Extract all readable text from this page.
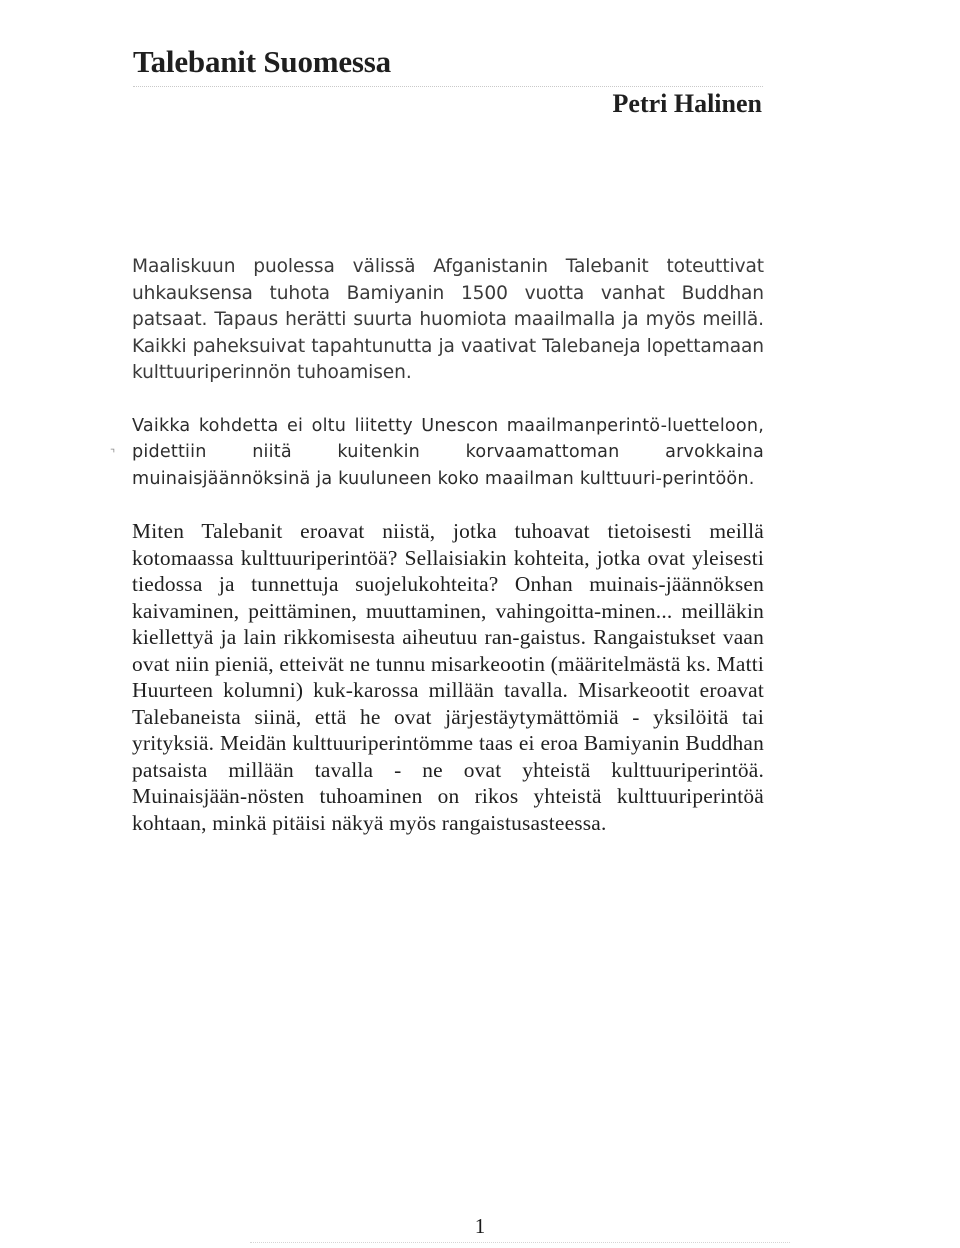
Talebanit Suomessa
Petri Halinen
⌝

Maaliskuun puolessa välissä Afganistanin Talebanit toteuttivat uhkauksensa tuhota Bamiyanin 1500 vuotta vanhat Buddhan patsaat. Tapaus herätti suurta huomiota maailmalla ja myös meillä. Kaikki paheksuivat tapahtunutta ja vaativat Talebaneja lopettamaan kulttuuriperinnön tuhoamisen.

Vaikka kohdetta ei oltu liitetty Unescon maailmanperintö-luetteloon, pidettiin niitä kuitenkin korvaamattoman arvokkaina muinaisjäännöksinä ja kuuluneen koko maailman kulttuuri-perintöön.

Miten Talebanit eroavat niistä, jotka tuhoavat tietoisesti meillä kotomaassa kulttuuriperintöä? Sellaisiakin kohteita, jotka ovat yleisesti tiedossa ja tunnettuja suojelukohteita? Onhan muinais-jäännöksen kaivaminen, peittäminen, muuttaminen, vahingoitta-minen... meilläkin kiellettyä ja lain rikkomisesta aiheutuu ran-gaistus. Rangaistukset vaan ovat niin pieniä, etteivät ne tunnu misarkeootin (määritelmästä ks. Matti Huurteen kolumni) kuk-karossa millään tavalla. Misarkeootit eroavat Talebaneista siinä, että he ovat järjestäytymättömiä - yksilöitä tai yrityksiä. Meidän kulttuuriperintömme taas ei eroa Bamiyanin Buddhan patsaista millään tavalla - ne ovat yhteistä kulttuuriperintöä. Muinaisjään-nösten tuhoaminen on rikos yhteistä kulttuuriperintöä kohtaan, minkä pitäisi näkyä myös rangaistusasteessa.

1
